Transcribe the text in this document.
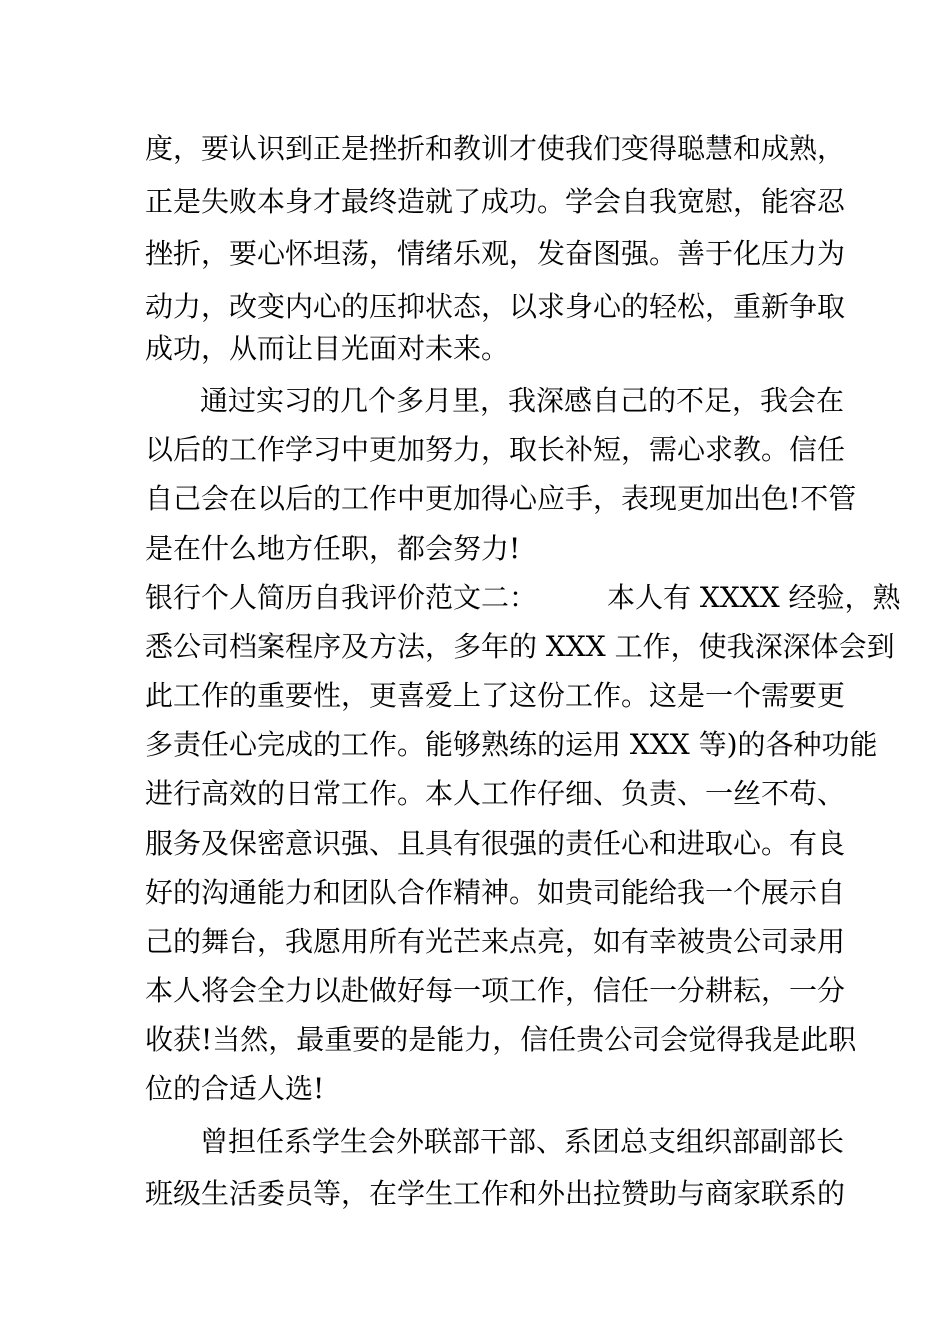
度，要认识到正是挫折和教训才使我们变得聪慧和成熟，
正是失败本身才最终造就了成功。学会自我宽慰，能容忍
挫折，要心怀坦荡，情绪乐观，发奋图强。善于化压力为
动力，改变内心的压抑状态，以求身心的轻松，重新争取
成功，从而让目光面对未来。
通过实习的几个多月里，我深感自己的不足，我会在
以后的工作学习中更加努力，取长补短，需心求教。信任
自己会在以后的工作中更加得心应手，表现更加出色!不管
是在什么地方任职，都会努力!
银行个人简历自我评价范文二：	本人有 XXXX 经验，熟
悉公司档案程序及方法，多年的 XXX 工作，使我深深体会到
此工作的重要性，更喜爱上了这份工作。这是一个需要更
多责任心完成的工作。能够熟练的运用 XXX 等)的各种功能
进行高效的日常工作。本人工作仔细、负责、一丝不苟、
服务及保密意识强、且具有很强的责任心和进取心。有良
好的沟通能力和团队合作精神。如贵司能给我一个展示自
己的舞台，我愿用所有光芒来点亮，如有幸被贵公司录用
本人将会全力以赴做好每一项工作，信任一分耕耘，一分
收获!当然，最重要的是能力，信任贵公司会觉得我是此职
位的合适人选!
曾担任系学生会外联部干部、系团总支组织部副部长
班级生活委员等，在学生工作和外出拉赞助与商家联系的
